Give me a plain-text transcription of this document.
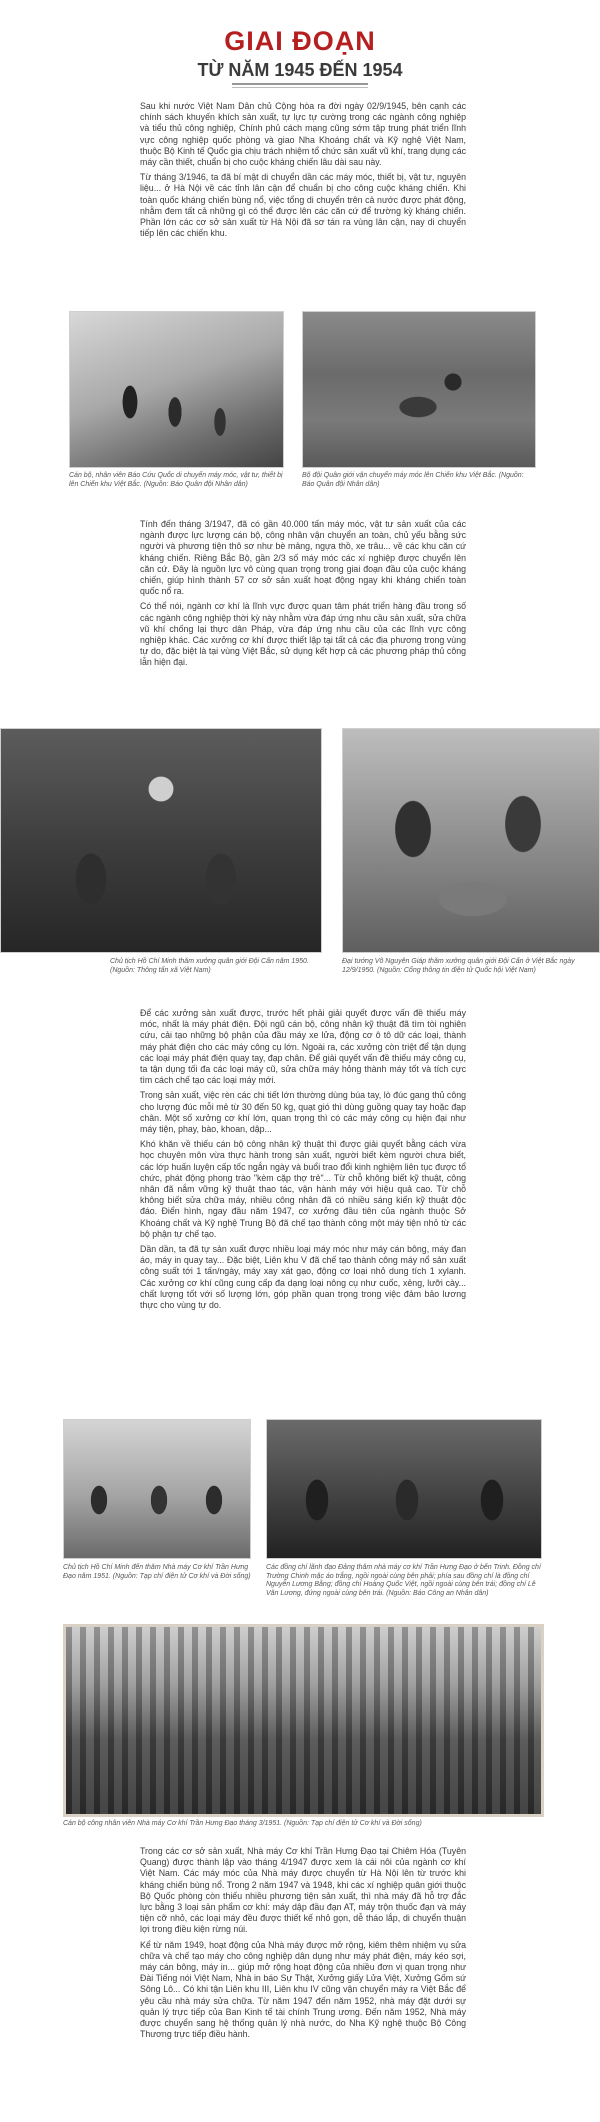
GIAI ĐOẠN
TỪ NĂM 1945 ĐẾN 1954

Sau khi nước Việt Nam Dân chủ Cộng hòa ra đời ngày 02/9/1945, bên cạnh các chính sách khuyến khích sản xuất, tự lực tự cường trong các ngành công nghiệp và tiểu thủ công nghiệp, Chính phủ cách mạng cũng sớm tập trung phát triển lĩnh vực công nghiệp quốc phòng và giao Nha Khoáng chất và Kỹ nghệ Việt Nam, thuộc Bộ Kinh tế Quốc gia chịu trách nhiệm tổ chức sản xuất vũ khí, trang dụng các máy cần thiết, chuẩn bị cho cuộc kháng chiến lâu dài sau này.

Từ tháng 3/1946, ta đã bí mật di chuyển dần các máy móc, thiết bị, vật tư, nguyên liệu... ở Hà Nội về các tỉnh lân cận để chuẩn bị cho công cuộc kháng chiến. Khi toàn quốc kháng chiến bùng nổ, việc tổng di chuyển trên cả nước được phát động, nhằm đem tất cả những gì có thể được lên các căn cứ để trường kỳ kháng chiến. Phần lớn các cơ sở sản xuất từ Hà Nội đã sơ tán ra vùng lân cận, nay di chuyển tiếp lên các chiến khu.

Cán bộ, nhân viên Báo Cứu Quốc di chuyển máy móc, vật tư, thiết bị lên Chiến khu Việt Bắc. (Nguồn: Báo Quân đội Nhân dân)
Bộ đội Quân giới vận chuyển máy móc lên Chiến khu Việt Bắc. (Nguồn: Báo Quân đội Nhân dân)

Tính đến tháng 3/1947, đã có gần 40.000 tấn máy móc, vật tư sản xuất của các ngành được lực lượng cán bộ, công nhân vận chuyển an toàn, chủ yếu bằng sức người và phương tiện thô sơ như bè mảng, ngựa thồ, xe trâu... về các khu căn cứ kháng chiến. Riêng Bắc Bộ, gần 2/3 số máy móc các xí nghiệp được chuyển lên căn cứ. Đây là nguồn lực vô cùng quan trọng trong giai đoạn đầu của cuộc kháng chiến, giúp hình thành 57 cơ sở sản xuất hoạt động ngay khi kháng chiến toàn quốc nổ ra.

Có thể nói, ngành cơ khí là lĩnh vực được quan tâm phát triển hàng đầu trong số các ngành công nghiệp thời kỳ này nhằm vừa đáp ứng nhu cầu sản xuất, sửa chữa vũ khí chống lại thực dân Pháp, vừa đáp ứng nhu cầu của các lĩnh vực công nghiệp khác. Các xưởng cơ khí được thiết lập tại tất cả các địa phương trong vùng tự do, đặc biệt là tại vùng Việt Bắc, sử dụng kết hợp cả các phương pháp thủ công lẫn hiện đại.

Chủ tịch Hồ Chí Minh thăm xưởng quân giới Đội Cấn năm 1950. (Nguồn: Thông tấn xã Việt Nam)
Đại tướng Võ Nguyên Giáp thăm xưởng quân giới Đội Cấn ở Việt Bắc ngày 12/9/1950. (Nguồn: Cổng thông tin điện tử Quốc hội Việt Nam)

Để các xưởng sản xuất được, trước hết phải giải quyết được vấn đề thiếu máy móc, nhất là máy phát điện. Đội ngũ cán bộ, công nhân kỹ thuật đã tìm tòi nghiên cứu, cải tạo những bộ phận của đầu máy xe lửa, động cơ ô tô dữ các loại, thành máy phát điện cho các máy công cụ lớn. Ngoài ra, các xưởng còn triệt để tận dụng các loại máy phát điện quay tay, đạp chân. Để giải quyết vấn đề thiếu máy công cụ, ta tận dụng tối đa các loại máy cũ, sửa chữa máy hỏng thành máy tốt và tích cực tìm cách chế tạo các loại máy mới.

Trong sản xuất, việc rèn các chi tiết lớn thường dùng búa tay, lò đúc gang thủ công cho lượng đúc mỗi mẻ từ 30 đến 50 kg, quạt gió thì dùng guồng quay tay hoặc đạp chân. Một số xưởng cơ khí lớn, quan trọng thì có các máy công cụ hiện đại như máy tiện, phay, bào, khoan, dập...

Khó khăn về thiếu cán bộ công nhân kỹ thuật thì được giải quyết bằng cách vừa học chuyên môn vừa thực hành trong sản xuất, người biết kèm người chưa biết, các lớp huấn luyện cấp tốc ngắn ngày và buổi trao đổi kinh nghiệm liên tục được tổ chức, phát động phong trào "kèm cặp thợ trẻ"... Từ chỗ không biết kỹ thuật, công nhân đã nắm vững kỹ thuật thao tác, vận hành máy với hiệu quả cao. Từ chỗ không biết sửa chữa máy, nhiều công nhân đã có nhiều sáng kiến kỹ thuật độc đáo. Điển hình, ngay đầu năm 1947, cơ xưởng đầu tiên của ngành thuộc Sở Khoáng chất và Kỹ nghệ Trung Bộ đã chế tạo thành công một máy tiện nhỏ từ các bộ phận tự chế tạo.

Dần dần, ta đã tự sản xuất được nhiều loại máy móc như máy cán bông, máy đan áo, máy in quay tay... Đặc biệt, Liên khu V đã chế tạo thành công máy nổ sản xuất công suất tới 1 tấn/ngày, máy xay xát gạo, động cơ loại nhỏ dung tích 1 xylanh. Các xưởng cơ khí cũng cung cấp đa dạng loại nông cụ như cuốc, xẻng, lưỡi cày... chất lượng tốt với số lượng lớn, góp phần quan trọng trong việc đảm bảo lương thực cho vùng tự do.

Chủ tịch Hồ Chí Minh đến thăm Nhà máy Cơ khí Trần Hưng Đạo năm 1951. (Nguồn: Tạp chí điện tử Cơ khí và Đời sống)
Các đồng chí lãnh đạo Đảng thăm nhà máy cơ khí Trần Hưng Đạo ở bến Trinh. Đồng chí Trường Chinh mặc áo trắng, ngồi ngoài cùng bên phải; phía sau đồng chí là đồng chí Nguyễn Lương Bằng; đồng chí Hoàng Quốc Việt, ngồi ngoài cùng bên trái; đồng chí Lê Văn Lương, đứng ngoài cùng bên trái. (Nguồn: Báo Công an Nhân dân)
Cán bộ công nhân viên Nhà máy Cơ khí Trần Hưng Đạo tháng 3/1951. (Nguồn: Tạp chí điện tử Cơ khí và Đời sống)

Trong các cơ sở sản xuất, Nhà máy Cơ khí Trần Hưng Đạo tại Chiêm Hóa (Tuyên Quang) được thành lập vào tháng 4/1947 được xem là cái nôi của ngành cơ khí Việt Nam. Các máy móc của Nhà máy được chuyển từ Hà Nội lên từ trước khi kháng chiến bùng nổ. Trong 2 năm 1947 và 1948, khi các xí nghiệp quân giới thuộc Bộ Quốc phòng còn thiếu nhiều phương tiện sản xuất, thì nhà máy đã hỗ trợ đắc lực bằng 3 loại sản phẩm cơ khí: máy dập đầu đạn AT, máy trộn thuốc đạn và máy tiện cỡ nhỏ, các loại máy đều được thiết kế nhỏ gọn, dễ tháo lắp, di chuyển thuận lợi trong điều kiện rừng núi.

Kể từ năm 1949, hoạt động của Nhà máy được mở rộng, kiêm thêm nhiệm vụ sửa chữa và chế tạo máy cho công nghiệp dân dụng như máy phát điện, máy kéo sợi, máy cán bông, máy in... giúp mở rộng hoạt động của nhiều đơn vị quan trọng như Đài Tiếng nói Việt Nam, Nhà in báo Sự Thật, Xưởng giấy Lửa Việt, Xưởng Gốm sứ Sông Lô... Có khi tận Liên khu III, Liên khu IV cũng vận chuyển máy ra Việt Bắc để yêu cầu nhà máy sửa chữa. Từ năm 1947 đến năm 1952, nhà máy đặt dưới sự quản lý trực tiếp của Ban Kinh tế tài chính Trung ương. Đến năm 1952, Nhà máy được chuyển sang hệ thống quản lý nhà nước, do Nha Kỹ nghệ thuộc Bộ Công Thương trực tiếp điều hành.
